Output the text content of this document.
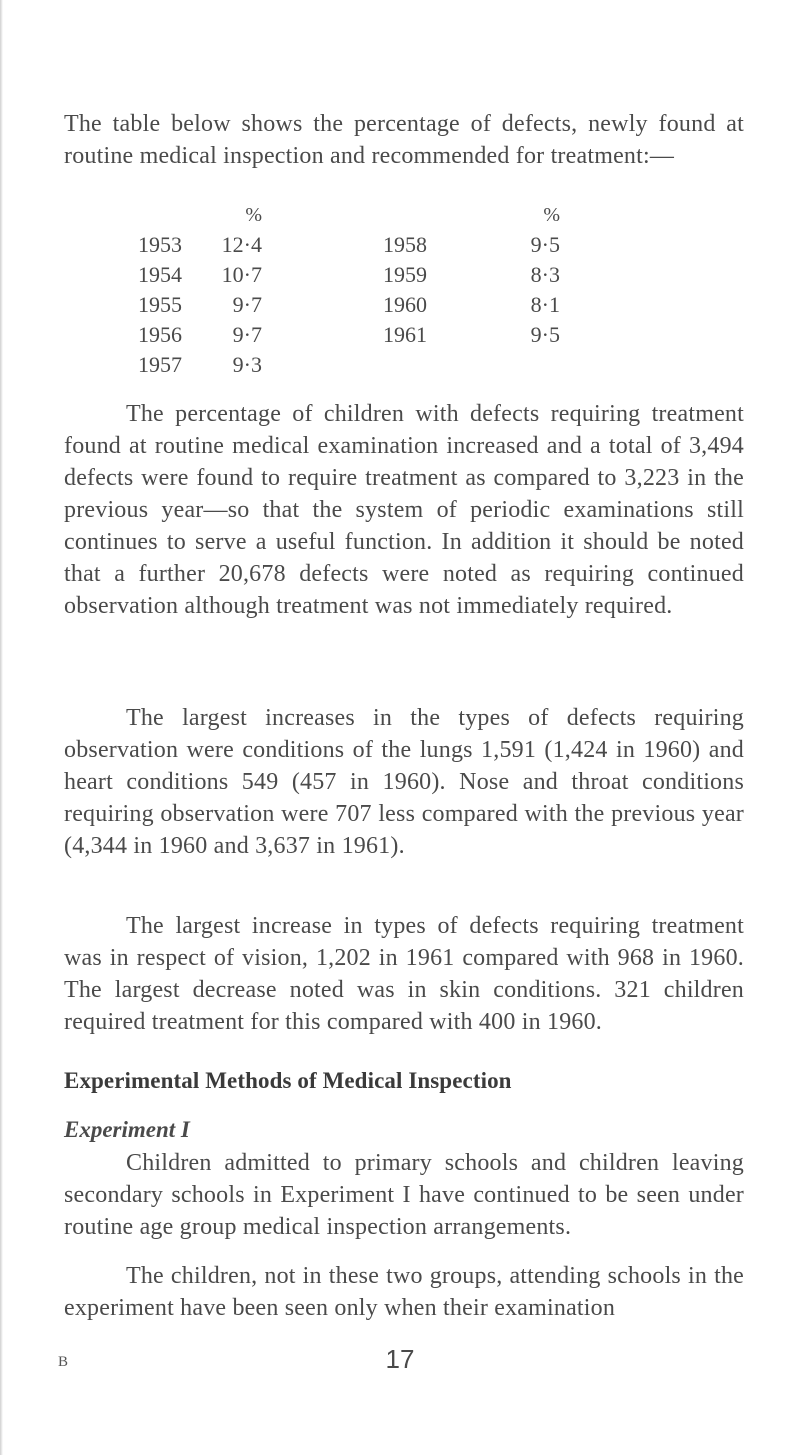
The table below shows the percentage of defects, newly found at routine medical inspection and recommended for treatment:—

	%			%
1953	12·4		1958	9·5
1954	10·7		1959	8·3
1955	9·7		1960	8·1
1956	9·7		1961	9·5
1957	9·3			

The percentage of children with defects requiring treatment found at routine medical examination increased and a total of 3,494 defects were found to require treatment as compared to 3,223 in the previous year—so that the system of periodic examinations still continues to serve a useful function. In addition it should be noted that a further 20,678 defects were noted as requiring continued observation although treatment was not immediately required.

The largest increases in the types of defects requiring observation were conditions of the lungs 1,591 (1,424 in 1960) and heart conditions 549 (457 in 1960). Nose and throat conditions requiring observation were 707 less compared with the previous year (4,344 in 1960 and 3,637 in 1961).

The largest increase in types of defects requiring treatment was in respect of vision, 1,202 in 1961 compared with 968 in 1960. The largest decrease noted was in skin conditions. 321 children required treatment for this compared with 400 in 1960.

Experimental Methods of Medical Inspection
Experiment I

Children admitted to primary schools and children leaving secondary schools in Experiment I have continued to be seen under routine age group medical inspection arrangements.

The children, not in these two groups, attending schools in the experiment have been seen only when their examination

B	17
